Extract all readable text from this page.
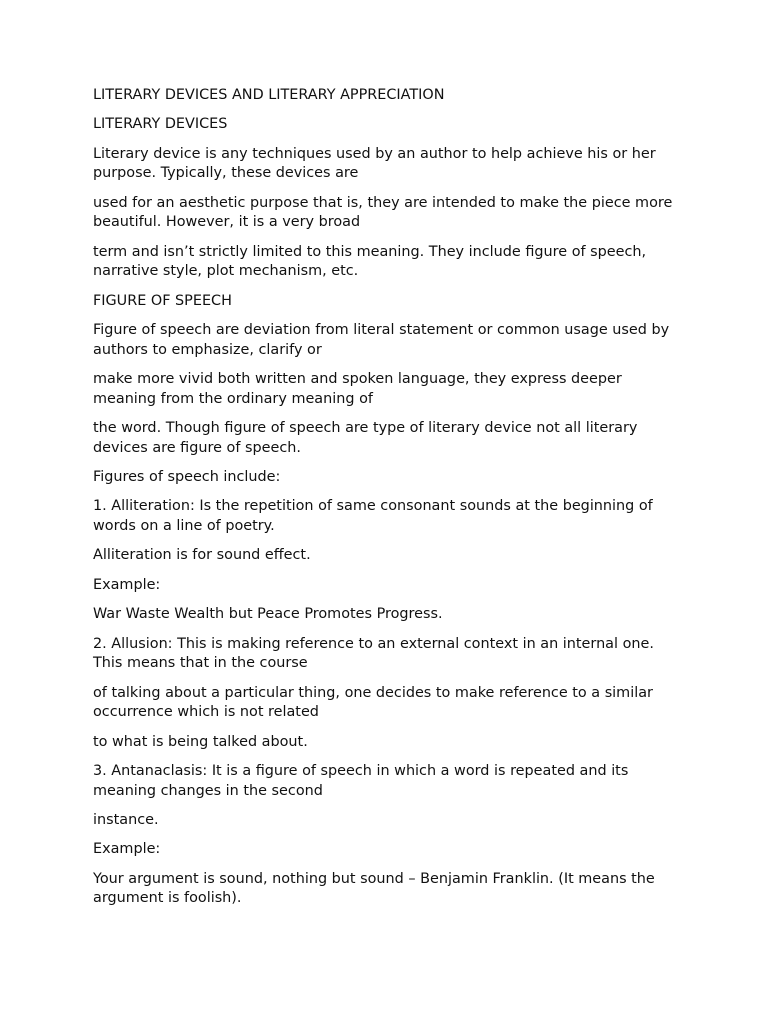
LITERARY DEVICES AND LITERARY APPRECIATION

LITERARY DEVICES

Literary device is any techniques used by an author to help achieve his or her purpose. Typically, these devices are

used for an aesthetic purpose that is, they are intended to make the piece more beautiful. However, it is a very broad

term and isn’t strictly limited to this meaning. They include figure of speech, narrative style, plot mechanism, etc.

FIGURE OF SPEECH

Figure of speech are deviation from literal statement or common usage used by authors to emphasize, clarify or

make more vivid both written and spoken language, they express deeper meaning from the ordinary meaning of

the word. Though figure of speech are type of literary device not all literary devices are figure of speech.

Figures of speech include:

1. Alliteration: Is the repetition of same consonant sounds at the beginning of words on a line of poetry.

Alliteration is for sound effect.

Example:

War Waste Wealth but Peace Promotes Progress.

2. Allusion: This is making reference to an external context in an internal one. This means that in the course

of talking about a particular thing, one decides to make reference to a similar occurrence which is not related

to what is being talked about.

3. Antanaclasis: It is a figure of speech in which a word is repeated and its meaning changes in the second

instance.

Example:

Your argument is sound, nothing but sound – Benjamin Franklin. (It means the argument is foolish).
